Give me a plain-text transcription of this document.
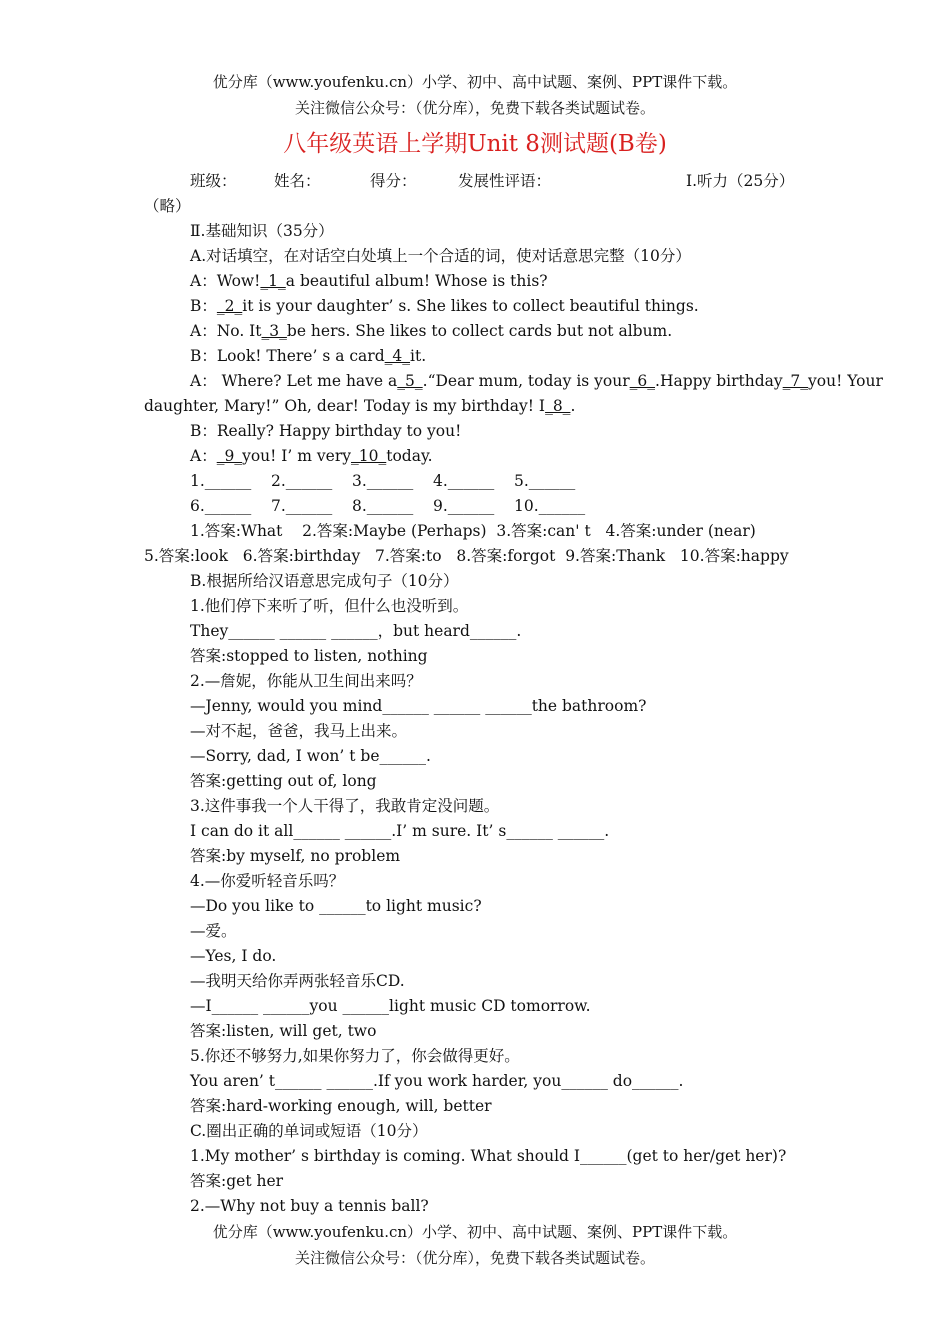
优分库（www.youfenku.cn）小学、初中、高中试题、案例、PPT课件下载。
关注微信公众号：（优分库），免费下载各类试题试卷。
八年级英语上学期Unit 8测试题(B卷)
班级： 姓名：	得分：	发展性评语：	Ⅰ.听力（25分）
（略）
Ⅱ.基础知识（35分）
A.对话填空，在对话空白处填上一个合适的词，使对话意思完整（10分）
A：Wow!_1_a beautiful album! Whose is this?
B：_2_it is your daughter’ s. She likes to collect beautiful things.
A：No. It_3_be hers. She likes to collect cards but not album.
B：Look! There’ s a card_4_it.
A： Where? Let me have a_5_.“Dear mum, today is your_6_.Happy birthday_7_you! Your
daughter, Mary!” Oh, dear! Today is my birthday! I_8_.
B：Really? Happy birthday to you!
A：_9_you! I’ m very_10_today.
1.______    2.______    3.______    4.______    5.______
6.______    7.______    8.______    9.______    10.______
1.答案:What    2.答案:Maybe (Perhaps)  3.答案:can' t   4.答案:under (near)
5.答案:look   6.答案:birthday   7.答案:to   8.答案:forgot  9.答案:Thank   10.答案:happy
B.根据所给汉语意思完成句子（10分）
1.他们停下来听了听，但什么也没听到。
They______ ______ ______，but heard______.
答案:stopped to listen, nothing
2.—詹妮，你能从卫生间出来吗？
—Jenny, would you mind______ ______ ______the bathroom?
—对不起，爸爸，我马上出来。
—Sorry, dad, I won’ t be______.
答案:getting out of, long
3.这件事我一个人干得了，我敢肯定没问题。
I can do it all______ ______.I’ m sure. It’ s______ ______.
答案:by myself, no problem
4.—你爱听轻音乐吗？
—Do you like to ______to light music?
—爱。
—Yes, I do.
—我明天给你弄两张轻音乐CD.
—I______ ______you ______light music CD tomorrow.
答案:listen, will get, two
5.你还不够努力,如果你努力了，你会做得更好。
You aren’ t______ ______.If you work harder, you______ do______.
答案:hard-working enough, will, better
C.圈出正确的单词或短语（10分）
1.My mother’ s birthday is coming. What should I______(get to her/get her)?
答案:get her
2.—Why not buy a tennis ball?
优分库（www.youfenku.cn）小学、初中、高中试题、案例、PPT课件下载。
关注微信公众号：（优分库），免费下载各类试题试卷。
